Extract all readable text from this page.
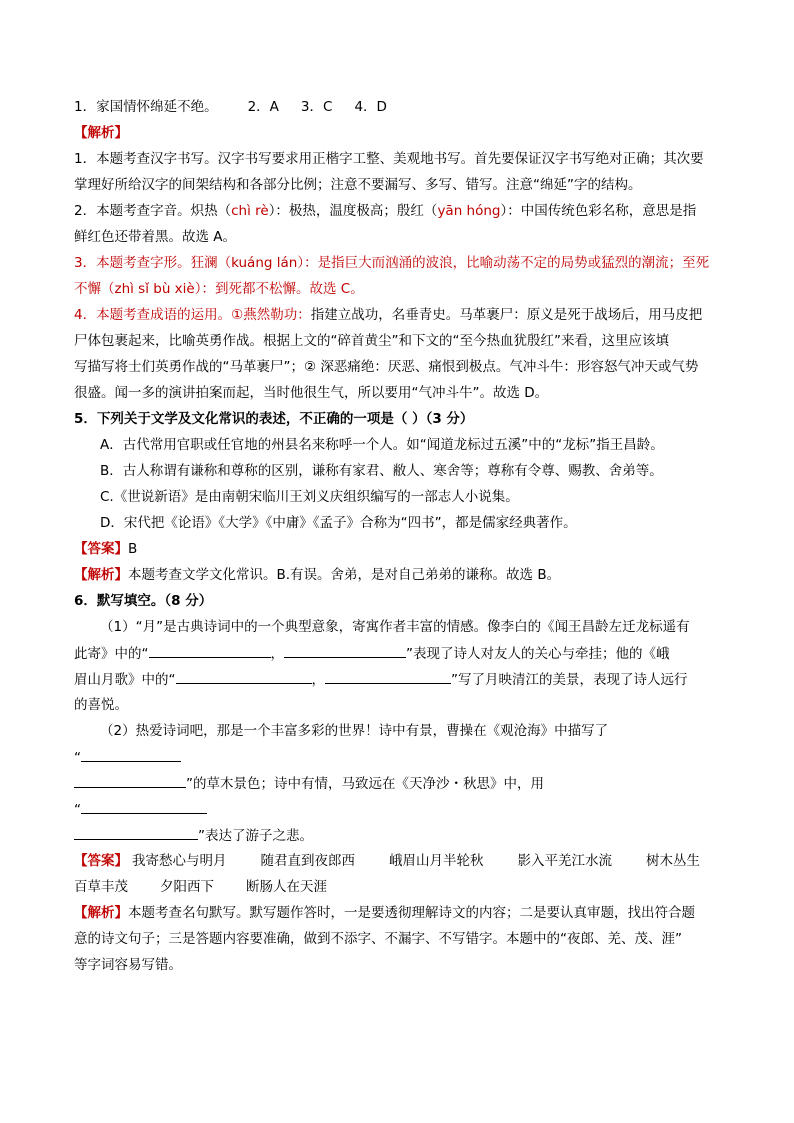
1．家国情怀绵延不绝。 2．A 3．C 4．D
【解析】
1．本题考查汉字书写。汉字书写要求用正楷字工整、美观地书写。首先要保证汉字书写绝对正确；其次要
掌理好所给汉字的间架结构和各部分比例；注意不要漏写、多写、错写。注意“绵延”字的结构。
2．本题考查字音。炽热（chì rè）：极热，温度极高；殷红（yān hóng）：中国传统色彩名称，意思是指
鲜红色还带着黑。故选 A。
3．本题考查字形。狂澜（kuáng lán）：是指巨大而汹涌的波浪，比喻动荡不定的局势或猛烈的潮流；至死
不懈（zhì sǐ bù xiè）：到死都不松懈。故选 C。
4．本题考查成语的运用。①燕然勒功：指建立战功，名垂青史。马革裹尸：原义是死于战场后，用马皮把
尸体包裹起来，比喻英勇作战。根据上文的“碎首黄尘”和下文的“至今热血犹殷红”来看，这里应该填
写描写将士们英勇作战的“马革裹尸”；② 深恶痛绝：厌恶、痛恨到极点。气冲斗牛：形容怒气冲天或气势
很盛。闻一多的演讲拍案而起，当时他很生气，所以要用“气冲斗牛”。故选 D。
5．下列关于文学及文化常识的表述，不正确的一项是（ ）（3 分）
A．古代常用官职或任官地的州县名来称呼一个人。如“闻道龙标过五溪”中的“龙标”指王昌龄。
B．古人称谓有谦称和尊称的区别，谦称有家君、敝人、寒舍等；尊称有令尊、赐教、舍弟等。
C.《世说新语》是由南朝宋临川王刘义庆组织编写的一部志人小说集。
D．宋代把《论语》《大学》《中庸》《孟子》合称为“四书”，都是儒家经典著作。
【答案】B
【解析】本题考查文学文化常识。B.有误。舍弟，是对自己弟弟的谦称。故选 B。
6．默写填空。（8 分）
（1）“月”是古典诗词中的一个典型意象，寄寓作者丰富的情感。像李白的《闻王昌龄左迁龙标遥有
此寄》中的“	，	”表现了诗人对友人的关心与牵挂；他的《峨
眉山月歌》中的“	，	”写了月映清江的美景，表现了诗人远行
的喜悦。
（2）热爱诗词吧，那是一个丰富多彩的世界！诗中有景，曹操在《观沧海》中描写了
“
”的草木景色；诗中有情，马致远在《天净沙・秋思》中，用
“
”表达了游子之悲。
【答案】 我寄愁心与明月	随君直到夜郎西	峨眉山月半轮秋	影入平羌江水流	树木丛生
百草丰茂 夕阳西下 断肠人在天涯
【解析】本题考查名句默写。默写题作答时，一是要透彻理解诗文的内容；二是要认真审题，找出符合题
意的诗文句子；三是答题内容要准确，做到不添字、不漏字、不写错字。本题中的“夜郎、羌、茂、涯”
等字词容易写错。
